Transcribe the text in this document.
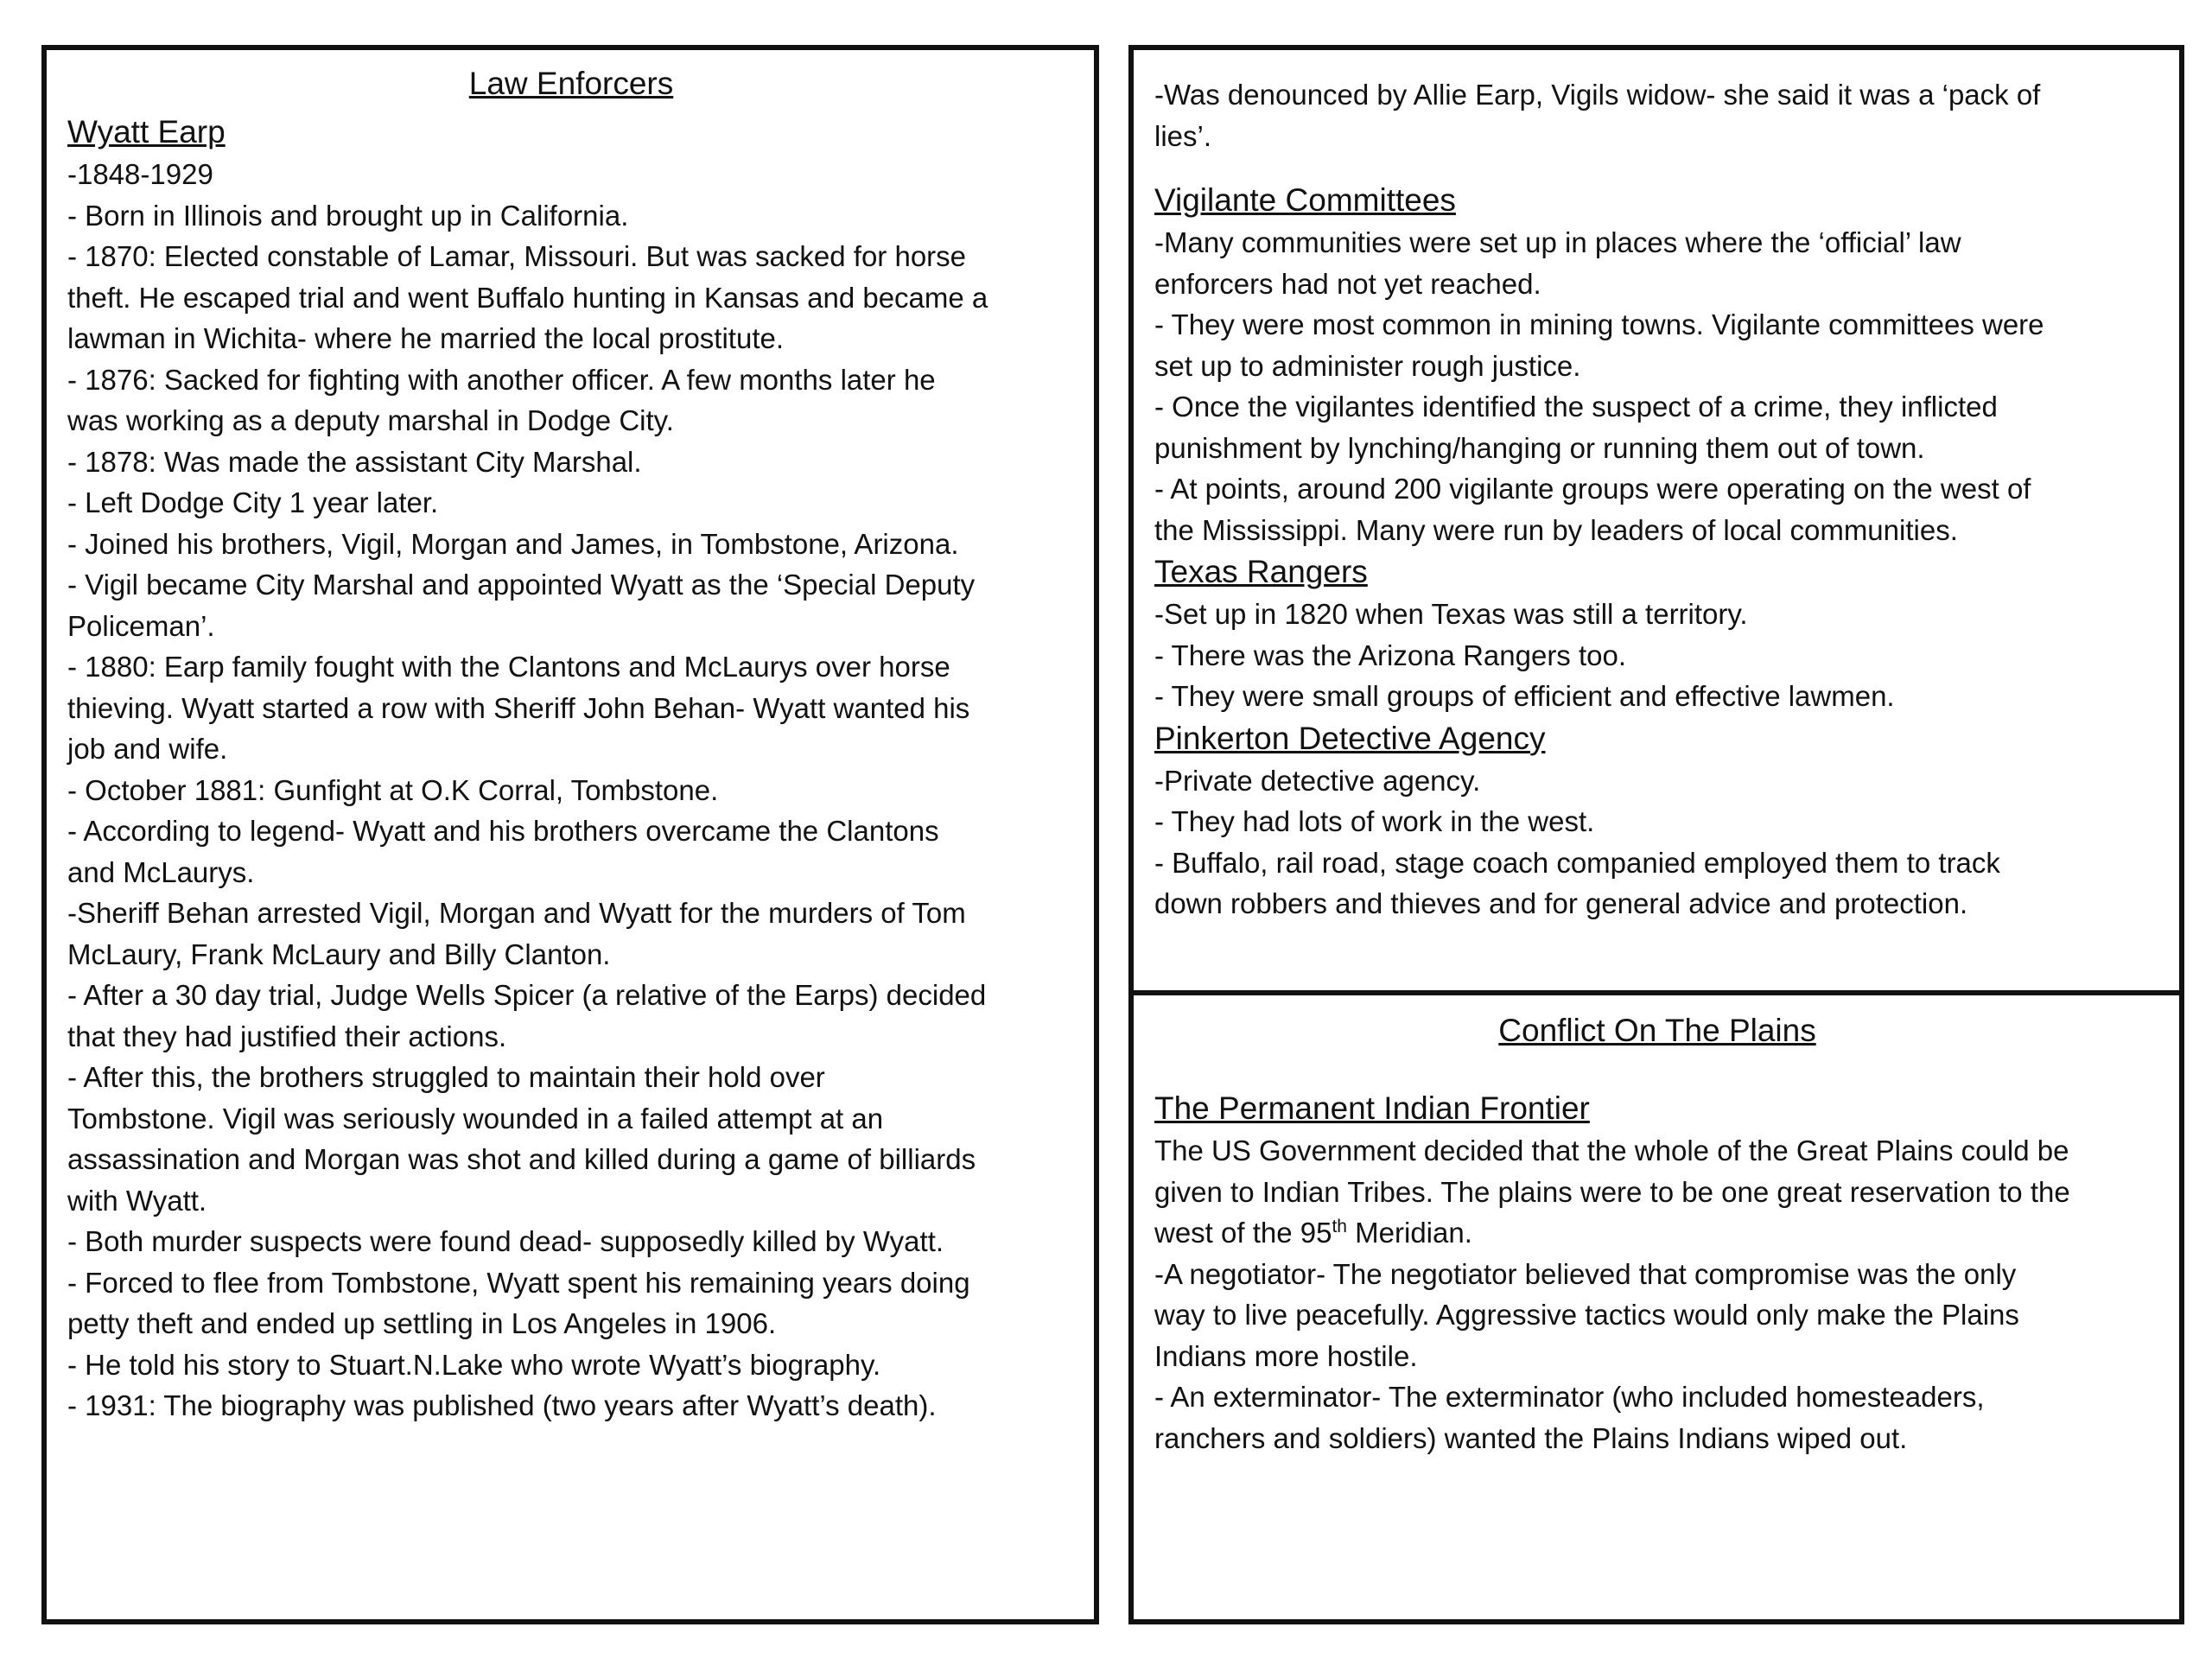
Law Enforcers
Wyatt Earp

-1848-1929

- Born in Illinois and brought up in California.

- 1870: Elected constable of Lamar, Missouri. But was sacked for horse

theft. He escaped trial and went Buffalo hunting in Kansas and became a

lawman in Wichita- where he married the local prostitute.

- 1876: Sacked for fighting with another officer. A few months later he

was working as a deputy marshal in Dodge City.

- 1878: Was made the assistant City Marshal.

- Left Dodge City 1 year later.

- Joined his brothers, Vigil, Morgan and James, in Tombstone, Arizona.

- Vigil became City Marshal and appointed Wyatt as the ‘Special Deputy

Policeman’.

- 1880: Earp family fought with the Clantons and McLaurys over horse

thieving. Wyatt started a row with Sheriff John Behan- Wyatt wanted his

job and wife.

- October 1881: Gunfight at O.K Corral, Tombstone.

- According to legend- Wyatt and his brothers overcame the Clantons

and McLaurys.

-Sheriff Behan arrested Vigil, Morgan and Wyatt for the murders of Tom

McLaury, Frank McLaury and Billy Clanton.

- After a 30 day trial, Judge Wells Spicer (a relative of the Earps) decided

that they had justified their actions.

- After this, the brothers struggled to maintain their hold over

Tombstone. Vigil was seriously wounded in a failed attempt at an

assassination and Morgan was shot and killed during a game of billiards

with Wyatt.

- Both murder suspects were found dead- supposedly killed by Wyatt.

- Forced to flee from Tombstone, Wyatt spent his remaining years doing

petty theft and ended up settling in Los Angeles in 1906.

- He told his story to Stuart.N.Lake who wrote Wyatt’s biography.

- 1931: The biography was published (two years after Wyatt’s death).

-Was denounced by Allie Earp, Vigils widow- she said it was a ‘pack of

lies’.

Vigilante Committees

-Many communities were set up in places where the ‘official’ law

enforcers had not yet reached.

- They were most common in mining towns. Vigilante committees were

set up to administer rough justice.

- Once the vigilantes identified the suspect of a crime, they inflicted

punishment by lynching/hanging or running them out of town.

- At points, around 200 vigilante groups were operating on the west of

the Mississippi. Many were run by leaders of local communities.

Texas Rangers

-Set up in 1820 when Texas was still a territory.

- There was the Arizona Rangers too.

- They were small groups of efficient and effective lawmen.

Pinkerton Detective Agency

-Private detective agency.

- They had lots of work in the west.

- Buffalo, rail road, stage coach companied employed them to track

down robbers and thieves and for general advice and protection.

Conflict On The Plains
The Permanent Indian Frontier

The US Government decided that the whole of the Great Plains could be

given to Indian Tribes. The plains were to be one great reservation to the

west of the 95th Meridian.

-A negotiator- The negotiator believed that compromise was the only

way to live peacefully. Aggressive tactics would only make the Plains

Indians more hostile.

- An exterminator- The exterminator (who included homesteaders,

ranchers and soldiers) wanted the Plains Indians wiped out.
